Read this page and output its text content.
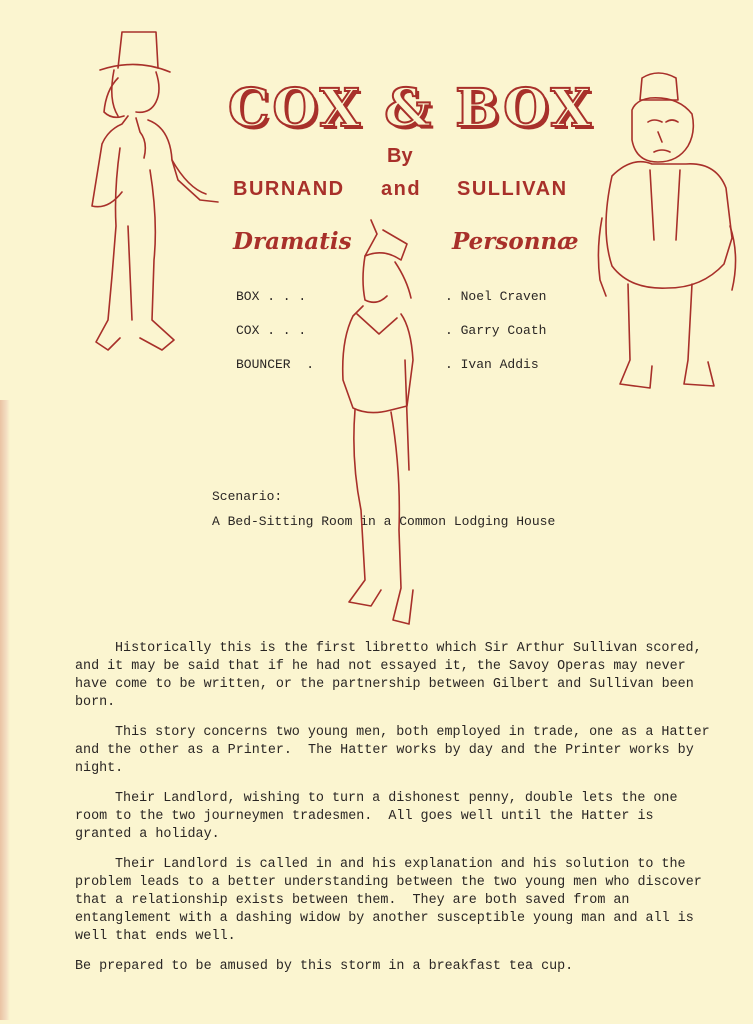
COX & BOX
By
BURNAND and SULLIVAN
Dramatis	Personnæ
BOX . . .	. Noel Craven
COX . . .	. Garry Coath
BOUNCER  .	. Ivan Addis
Scenario:
A Bed-Sitting Room in a Common Lodging House

Historically this is the first libretto which Sir Arthur Sullivan scored, and it may be said that if he had not essayed it, the Savoy Operas may never have come to be written, or the partnership between Gilbert and Sullivan been born.

This story concerns two young men, both employed in trade, one as a Hatter and the other as a Printer.  The Hatter works by day and the Printer works by night.

Their Landlord, wishing to turn a dishonest penny, double lets the one room to the two journeymen tradesmen.  All goes well until the Hatter is granted a holiday.

Their Landlord is called in and his explanation and his solution to the problem leads to a better understanding between the two young men who discover that a relationship exists between them.  They are both saved from an entanglement with a dashing widow by another susceptible young man and all is well that ends well.

Be prepared to be amused by this storm in a breakfast tea cup.
